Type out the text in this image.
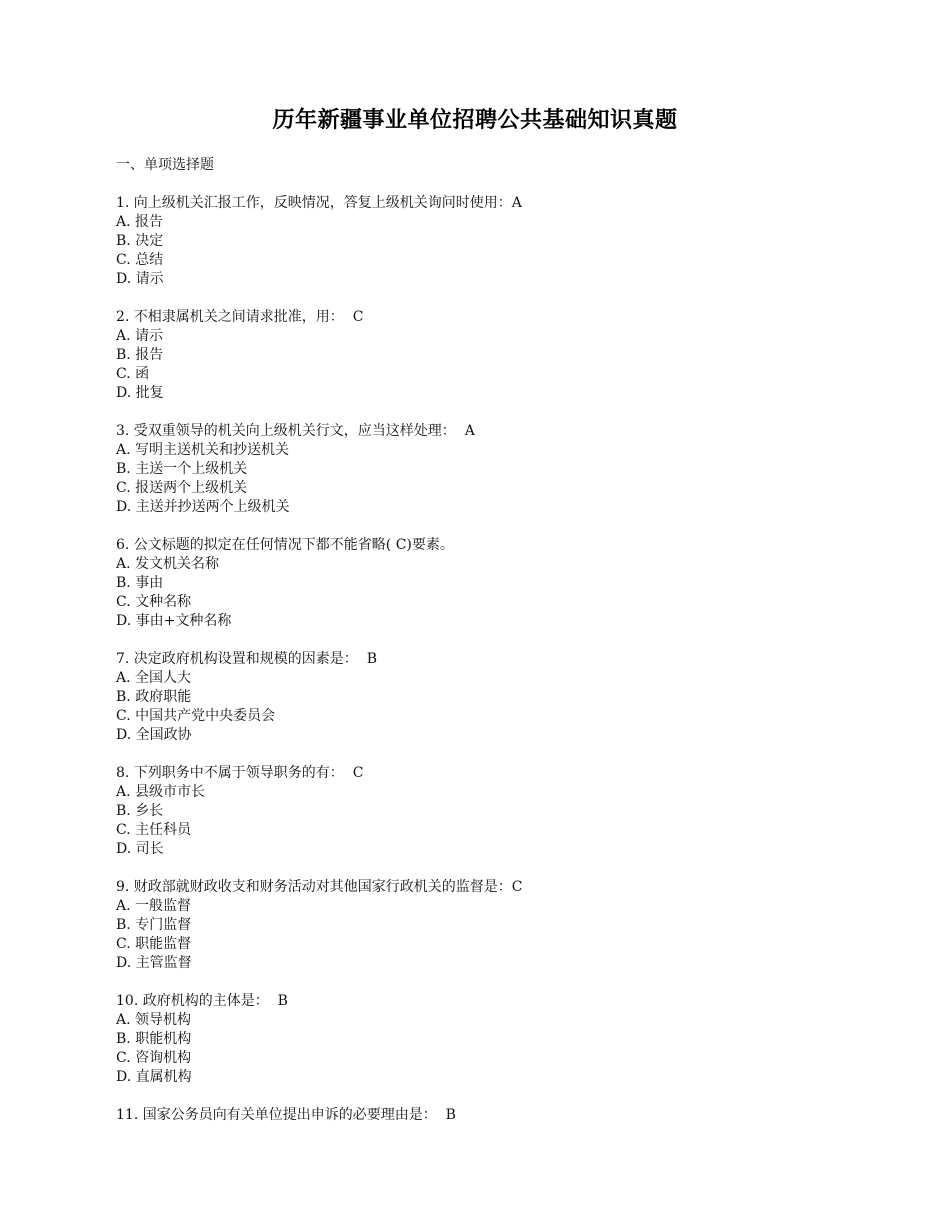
历年新疆事业单位招聘公共基础知识真题
一、单项选择题
1. 向上级机关汇报工作，反映情况，答复上级机关询问时使用：A
A. 报告
B. 决定
C. 总结
D. 请示
2. 不相隶属机关之间请求批准，用：  C
A. 请示
B. 报告
C. 函
D. 批复
3. 受双重领导的机关向上级机关行文，应当这样处理：  A
A. 写明主送机关和抄送机关
B. 主送一个上级机关
C. 报送两个上级机关
D. 主送并抄送两个上级机关
6. 公文标题的拟定在任何情况下都不能省略( C)要素。
A. 发文机关名称
B. 事由
C. 文种名称
D. 事由+文种名称
7. 决定政府机构设置和规模的因素是：  B
A. 全国人大
B. 政府职能
C. 中国共产党中央委员会
D. 全国政协
8. 下列职务中不属于领导职务的有：  C
A. 县级市市长
B. 乡长
C. 主任科员
D. 司长
9. 财政部就财政收支和财务活动对其他国家行政机关的监督是：C
A. 一般监督
B. 专门监督
C. 职能监督
D. 主管监督
10. 政府机构的主体是：  B
A. 领导机构
B. 职能机构
C. 咨询机构
D. 直属机构
11. 国家公务员向有关单位提出申诉的必要理由是：  B
